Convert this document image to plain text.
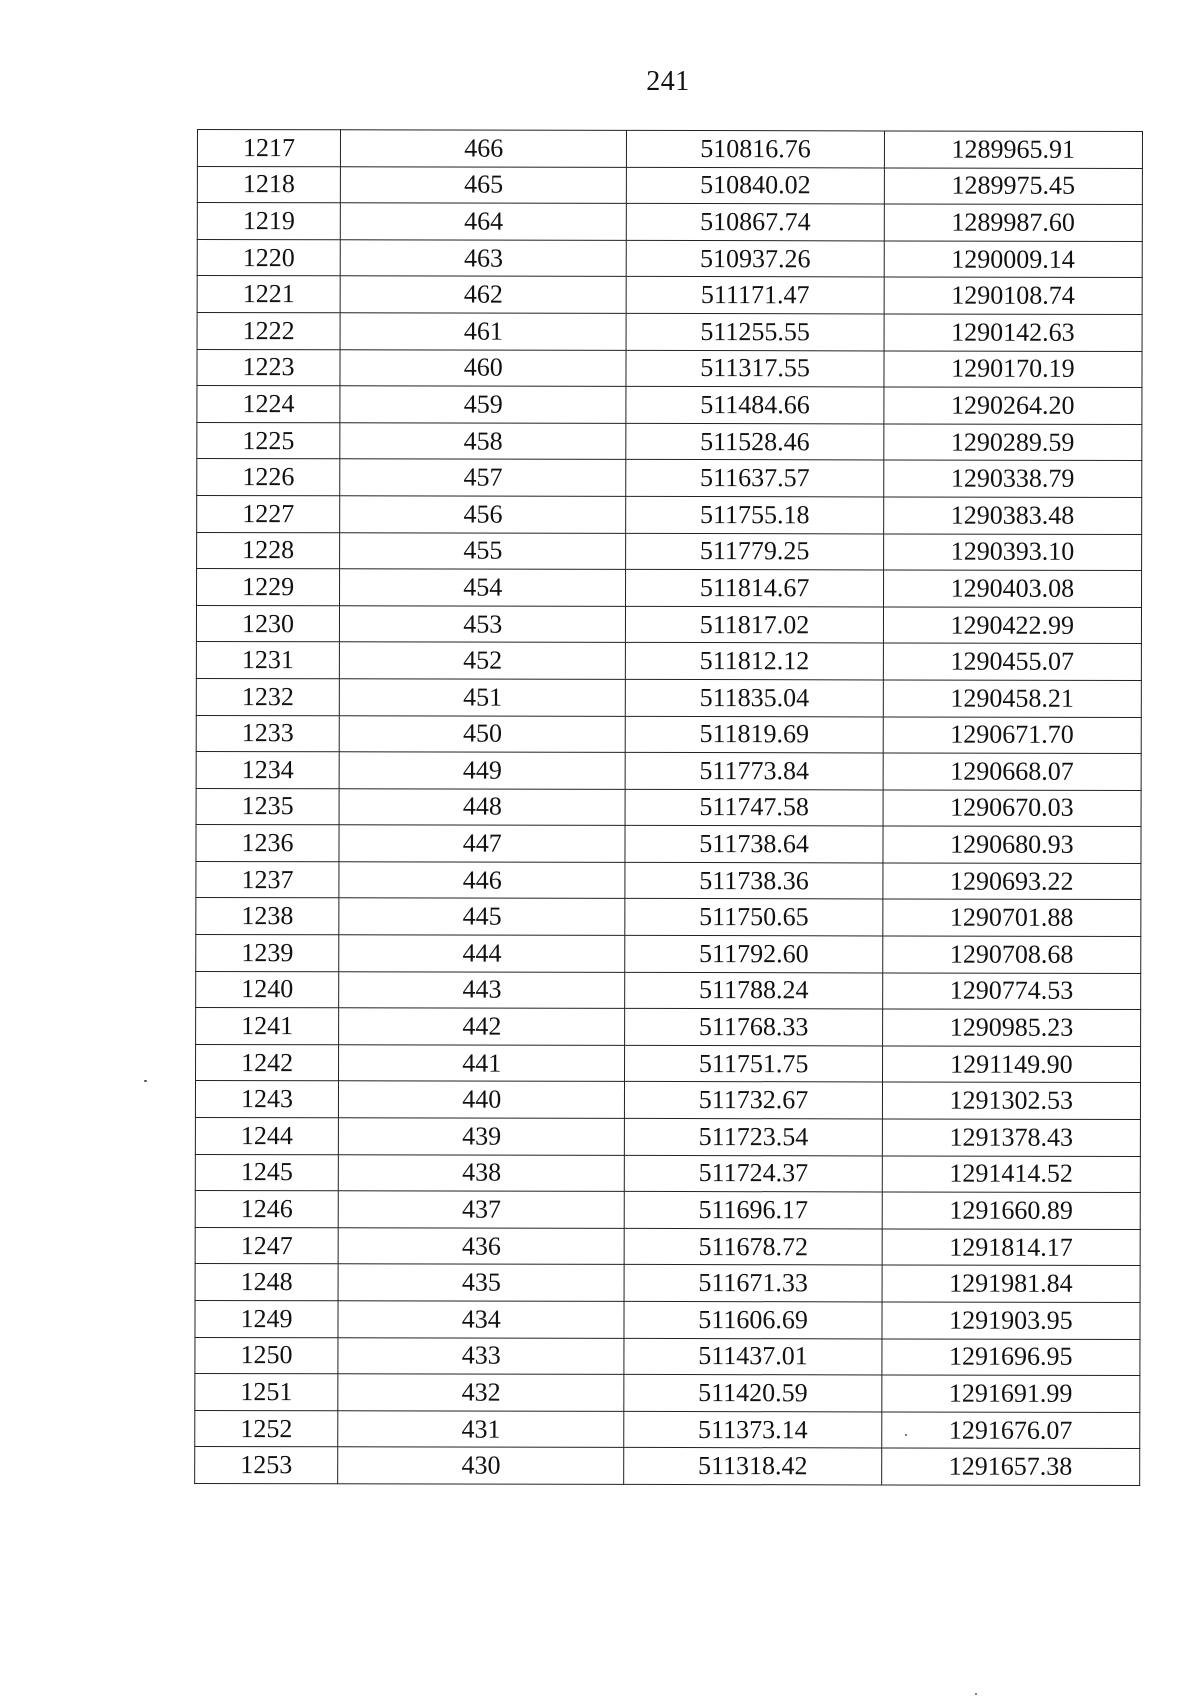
241
1217	466	510816.76	1289965.91
1218	465	510840.02	1289975.45
1219	464	510867.74	1289987.60
1220	463	510937.26	1290009.14
1221	462	511171.47	1290108.74
1222	461	511255.55	1290142.63
1223	460	511317.55	1290170.19
1224	459	511484.66	1290264.20
1225	458	511528.46	1290289.59
1226	457	511637.57	1290338.79
1227	456	511755.18	1290383.48
1228	455	511779.25	1290393.10
1229	454	511814.67	1290403.08
1230	453	511817.02	1290422.99
1231	452	511812.12	1290455.07
1232	451	511835.04	1290458.21
1233	450	511819.69	1290671.70
1234	449	511773.84	1290668.07
1235	448	511747.58	1290670.03
1236	447	511738.64	1290680.93
1237	446	511738.36	1290693.22
1238	445	511750.65	1290701.88
1239	444	511792.60	1290708.68
1240	443	511788.24	1290774.53
1241	442	511768.33	1290985.23
1242	441	511751.75	1291149.90
1243	440	511732.67	1291302.53
1244	439	511723.54	1291378.43
1245	438	511724.37	1291414.52
1246	437	511696.17	1291660.89
1247	436	511678.72	1291814.17
1248	435	511671.33	1291981.84
1249	434	511606.69	1291903.95
1250	433	511437.01	1291696.95
1251	432	511420.59	1291691.99
1252	431	511373.14	1291676.07
1253	430	511318.42	1291657.38
